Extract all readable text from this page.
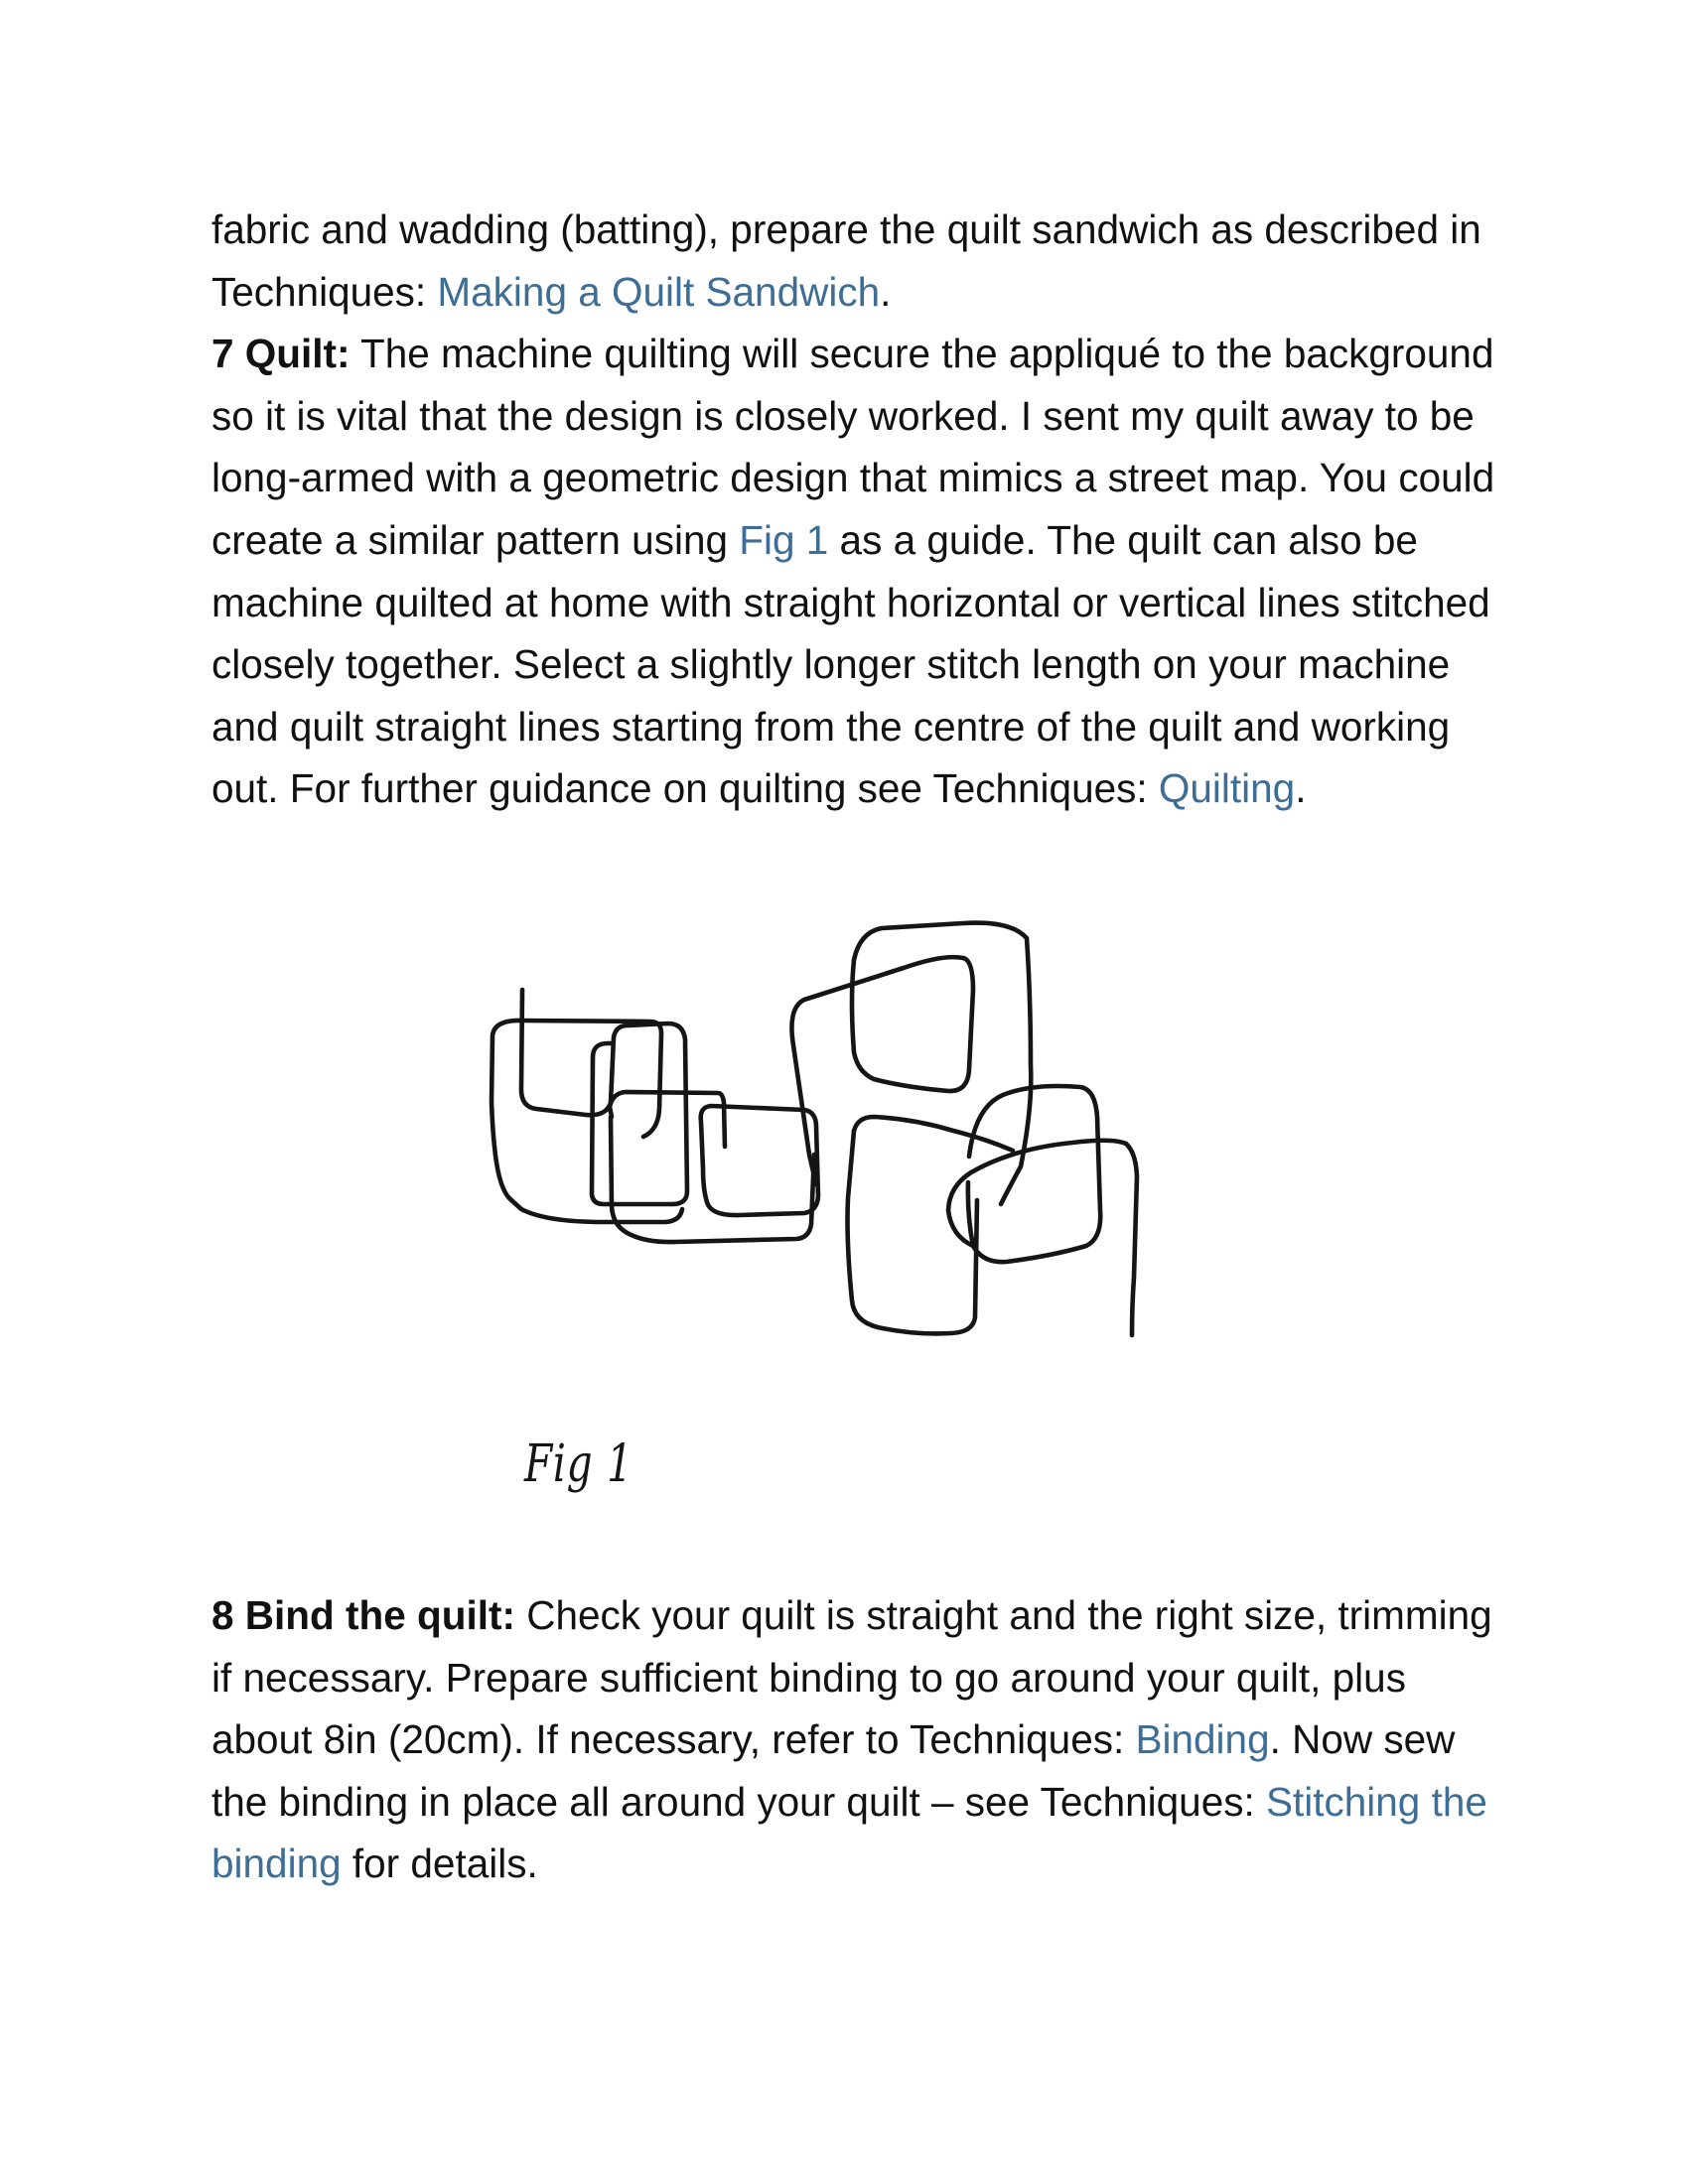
fabric and wadding (batting), prepare the quilt sandwich as described in Techniques: Making a Quilt Sandwich.

7 Quilt: The machine quilting will secure the appliqué to the background so it is vital that the design is closely worked. I sent my quilt away to be long-armed with a geometric design that mimics a street map. You could create a similar pattern using Fig 1 as a guide. The quilt can also be machine quilted at home with straight horizontal or vertical lines stitched closely together. Select a slightly longer stitch length on your machine and quilt straight lines starting from the centre of the quilt and working out. For further guidance on quilting see Techniques: Quilting.

Fig 1

8 Bind the quilt: Check your quilt is straight and the right size, trimming if necessary. Prepare sufficient binding to go around your quilt, plus about 8in (20cm). If necessary, refer to Techniques: Binding. Now sew the binding in place all around your quilt – see Techniques: Stitching the binding for details.
